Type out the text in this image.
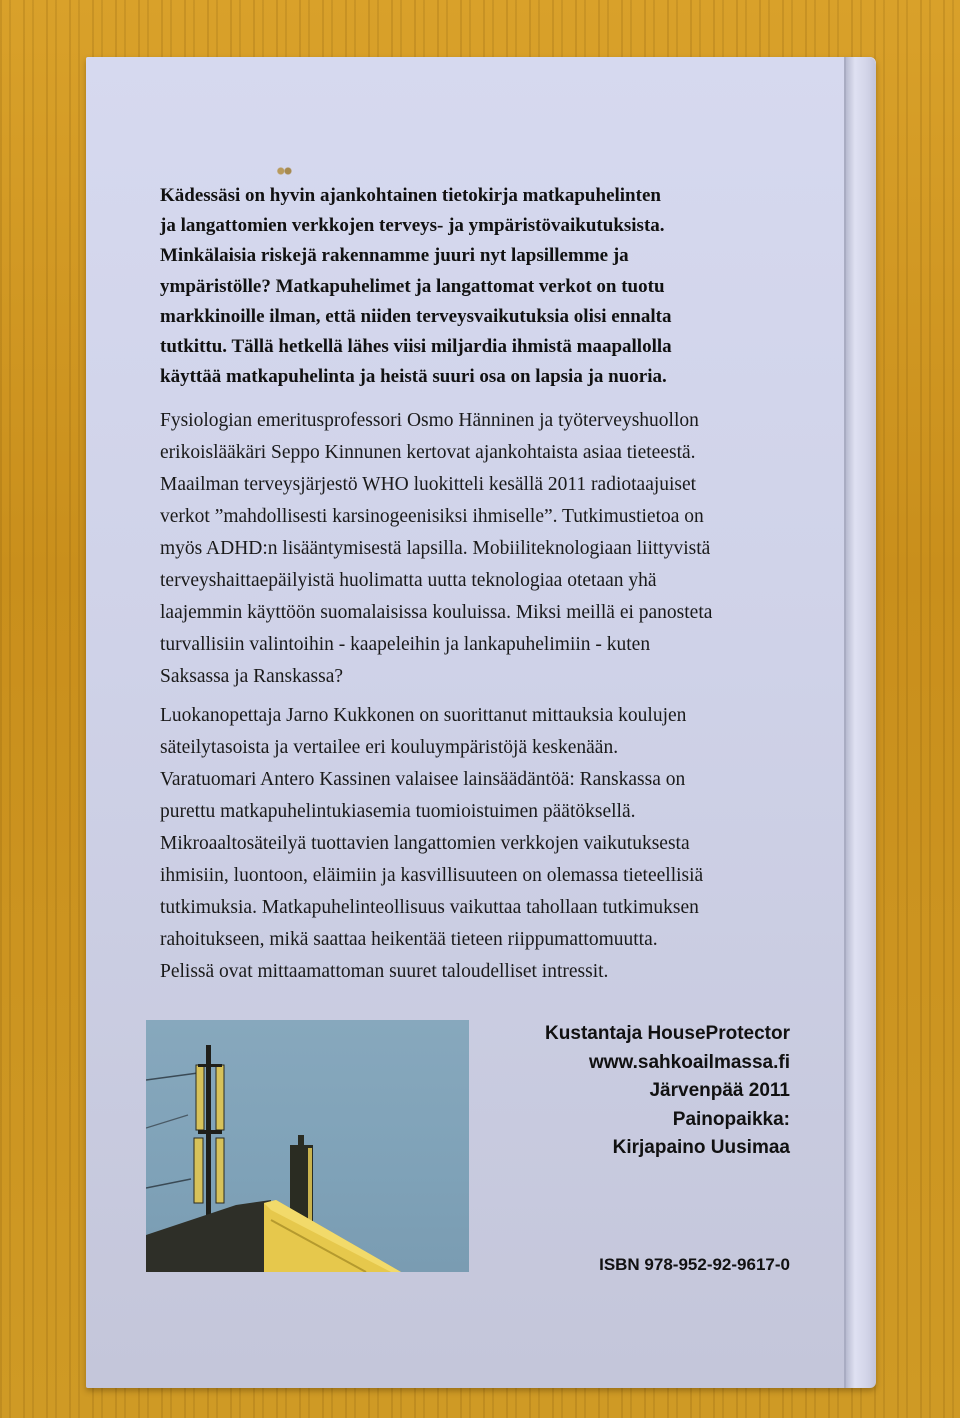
Kädessäsi on hyvin ajankohtainen tietokirja matkapuhelinten
ja langattomien verkkojen terveys- ja ympäristövaikutuksista.
Minkälaisia riskejä rakennamme juuri nyt lapsillemme ja
ympäristölle? Matkapuhelimet ja langattomat verkot on tuotu
markkinoille ilman, että niiden terveysvaikutuksia olisi ennalta
tutkittu. Tällä hetkellä lähes viisi miljardia ihmistä maapallolla
käyttää matkapuhelinta ja heistä suuri osa on lapsia ja nuoria.
Fysiologian emeritusprofessori Osmo Hänninen ja työterveyshuollon
erikoislääkäri Seppo Kinnunen kertovat ajankohtaista asiaa tieteestä.
Maailman terveysjärjestö WHO luokitteli kesällä 2011 radiotaajuiset
verkot ”mahdollisesti karsinogeenisiksi ihmiselle”. Tutkimustietoa on
myös ADHD:n lisääntymisestä lapsilla. Mobiiliteknologiaan liittyvistä
terveyshaittaepäilyistä huolimatta uutta teknologiaa otetaan yhä
laajemmin käyttöön suomalaisissa kouluissa. Miksi meillä ei panosteta
turvallisiin valintoihin - kaapeleihin ja lankapuhelimiin - kuten
Saksassa ja Ranskassa?
Luokanopettaja Jarno Kukkonen on suorittanut mittauksia koulujen
säteilytasoista ja vertailee eri kouluympäristöjä keskenään.
Varatuomari Antero Kassinen valaisee lainsäädäntöä: Ranskassa on
purettu matkapuhelintukiasemia tuomioistuimen päätöksellä.
Mikroaaltosäteilyä tuottavien langattomien verkkojen vaikutuksesta
ihmisiin, luontoon, eläimiin ja kasvillisuuteen on olemassa tieteellisiä
tutkimuksia. Matkapuhelinteollisuus vaikuttaa tahollaan tutkimuksen
rahoitukseen, mikä saattaa heikentää tieteen riippumattomuutta.
Pelissä ovat mittaamattoman suuret taloudelliset intressit.
Kustantaja HouseProtector
www.sahkoailmassa.fi
Järvenpää 2011
Painopaikka:
Kirjapaino Uusimaa
ISBN 978-952-92-9617-0
